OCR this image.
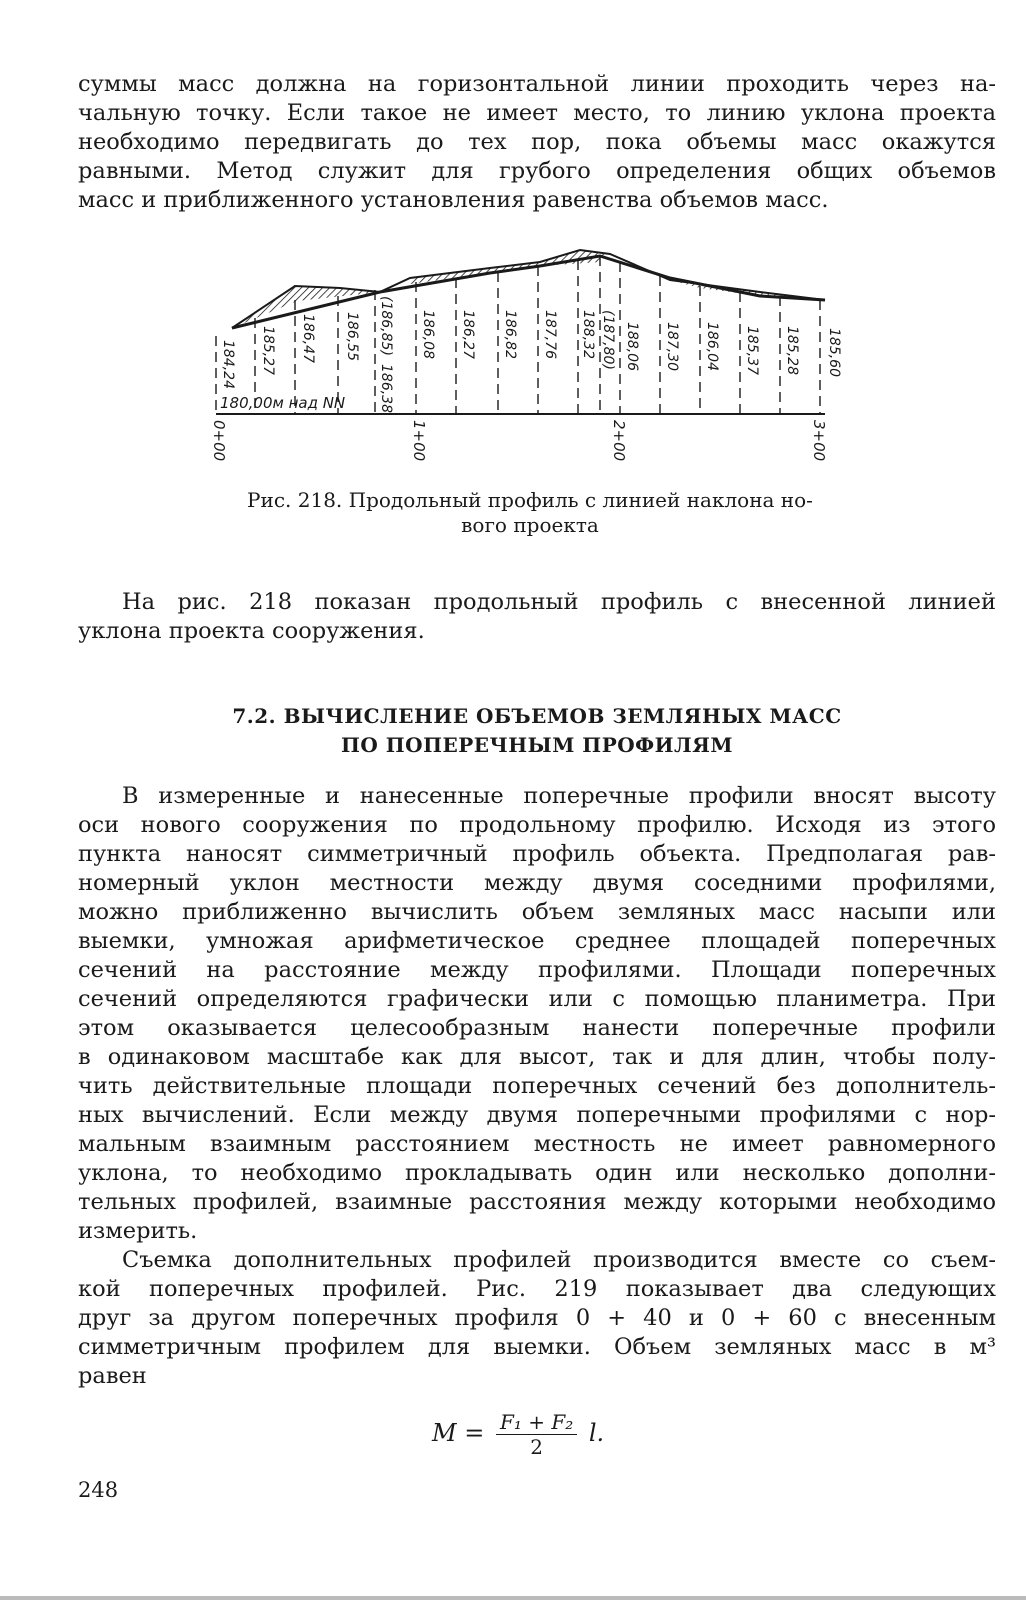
суммы масс должна на горизонтальной линии проходить через на-
чальную точку. Если такое не имеет место, то линию уклона проекта
необходимо передвигать до тех пор, пока объемы масс окажутся
равными. Метод служит для грубого определения общих объемов
масс и приближенного установления равенства объемов масс.
184,24 185,27 186,47 186,55 (186,85)
186,38
186,08 186,27 186,82 187,76 188,32 (187,80) 188,06 187,30 186,04 185,37 185,28 185,60
180,00м над NN
0+00	1+00	2+00	3+00
Рис. 218. Продольный профиль с линией наклона но-
вого проекта
На рис. 218 показан продольный профиль с внесенной линией
уклона проекта сооружения.
7.2. ВЫЧИСЛЕНИЕ ОБЪЕМОВ ЗЕМЛЯНЫХ МАСС
ПО ПОПЕРЕЧНЫМ ПРОФИЛЯМ
В измеренные и нанесенные поперечные профили вносят высоту
оси нового сооружения по продольному профилю. Исходя из этого
пункта наносят симметричный профиль объекта. Предполагая рав-
номерный уклон местности между двумя соседними профилями,
можно приближенно вычислить объем земляных масс насыпи или
выемки, умножая арифметическое среднее площадей поперечных
сечений на расстояние между профилями. Площади поперечных
сечений определяются графически или с помощью планиметра. При
этом оказывается целесообразным нанести поперечные профили
в одинаковом масштабе как для высот, так и для длин, чтобы полу-
чить действительные площади поперечных сечений без дополнитель-
ных вычислений. Если между двумя поперечными профилями с нор-
мальным взаимным расстоянием местность не имеет равномерного
уклона, то необходимо прокладывать один или несколько дополни-
тельных профилей, взаимные расстояния между которыми необходимо
измерить.
Съемка дополнительных профилей производится вместе со съем-
кой поперечных профилей. Рис. 219 показывает два следующих
друг за другом поперечных профиля 0 + 40 и 0 + 60 с внесенным
симметричным профилем для выемки. Объем земляных масс в м³
равен
$M = \frac{\text{F₁ + F₂}}{2} l$.
248
